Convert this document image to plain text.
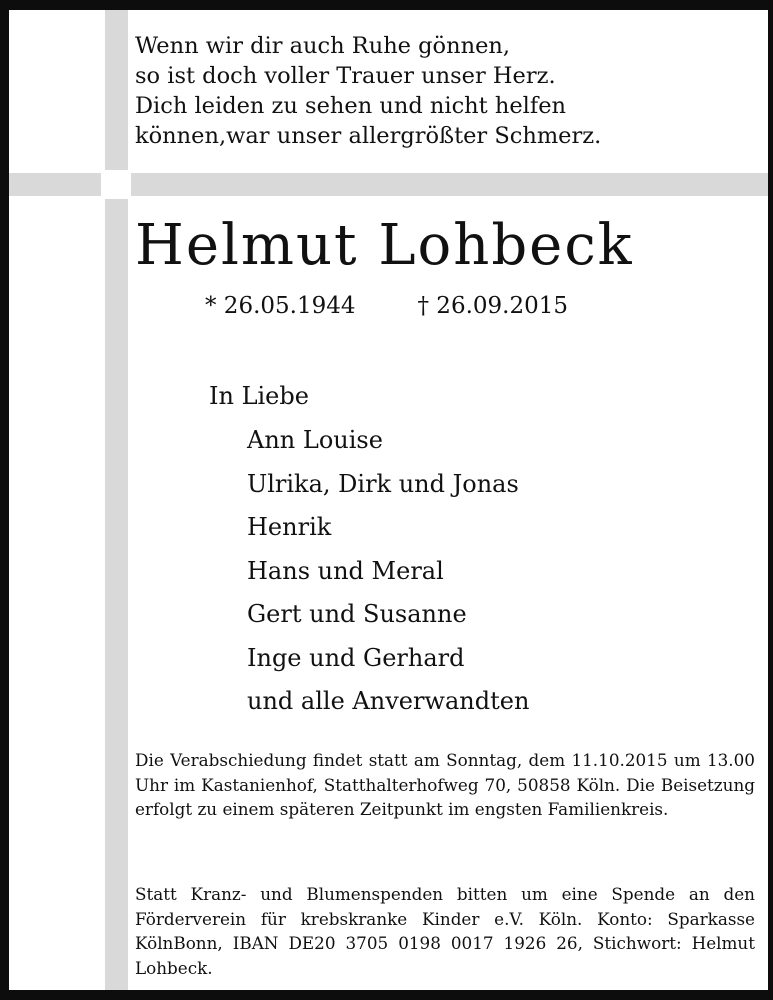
Wenn wir dir auch Ruhe gönnen,
so ist doch voller Trauer unser Herz.
Dich leiden zu sehen und nicht helfen
können,war unser allergrößter Schmerz.
Helmut Lohbeck
* 26.05.1944	† 26.09.2015
In Liebe
Ann Louise
Ulrika, Dirk und Jonas
Henrik
Hans und Meral
Gert und Susanne
Inge und Gerhard
und alle Anverwandten
Die Verabschiedung findet statt am Sonntag, dem 11.10.2015 um 13.00 Uhr im Kastanienhof, Statthalterhofweg 70, 50858 Köln. Die Beisetzung erfolgt zu einem späteren Zeitpunkt im engsten Familienkreis.
Statt Kranz- und Blumenspenden bitten um eine Spende an den Förderverein für krebskranke Kinder e.V. Köln. Konto: Sparkasse KölnBonn, IBAN DE20 3705 0198 0017 1926 26, Stichwort: Helmut Lohbeck.
